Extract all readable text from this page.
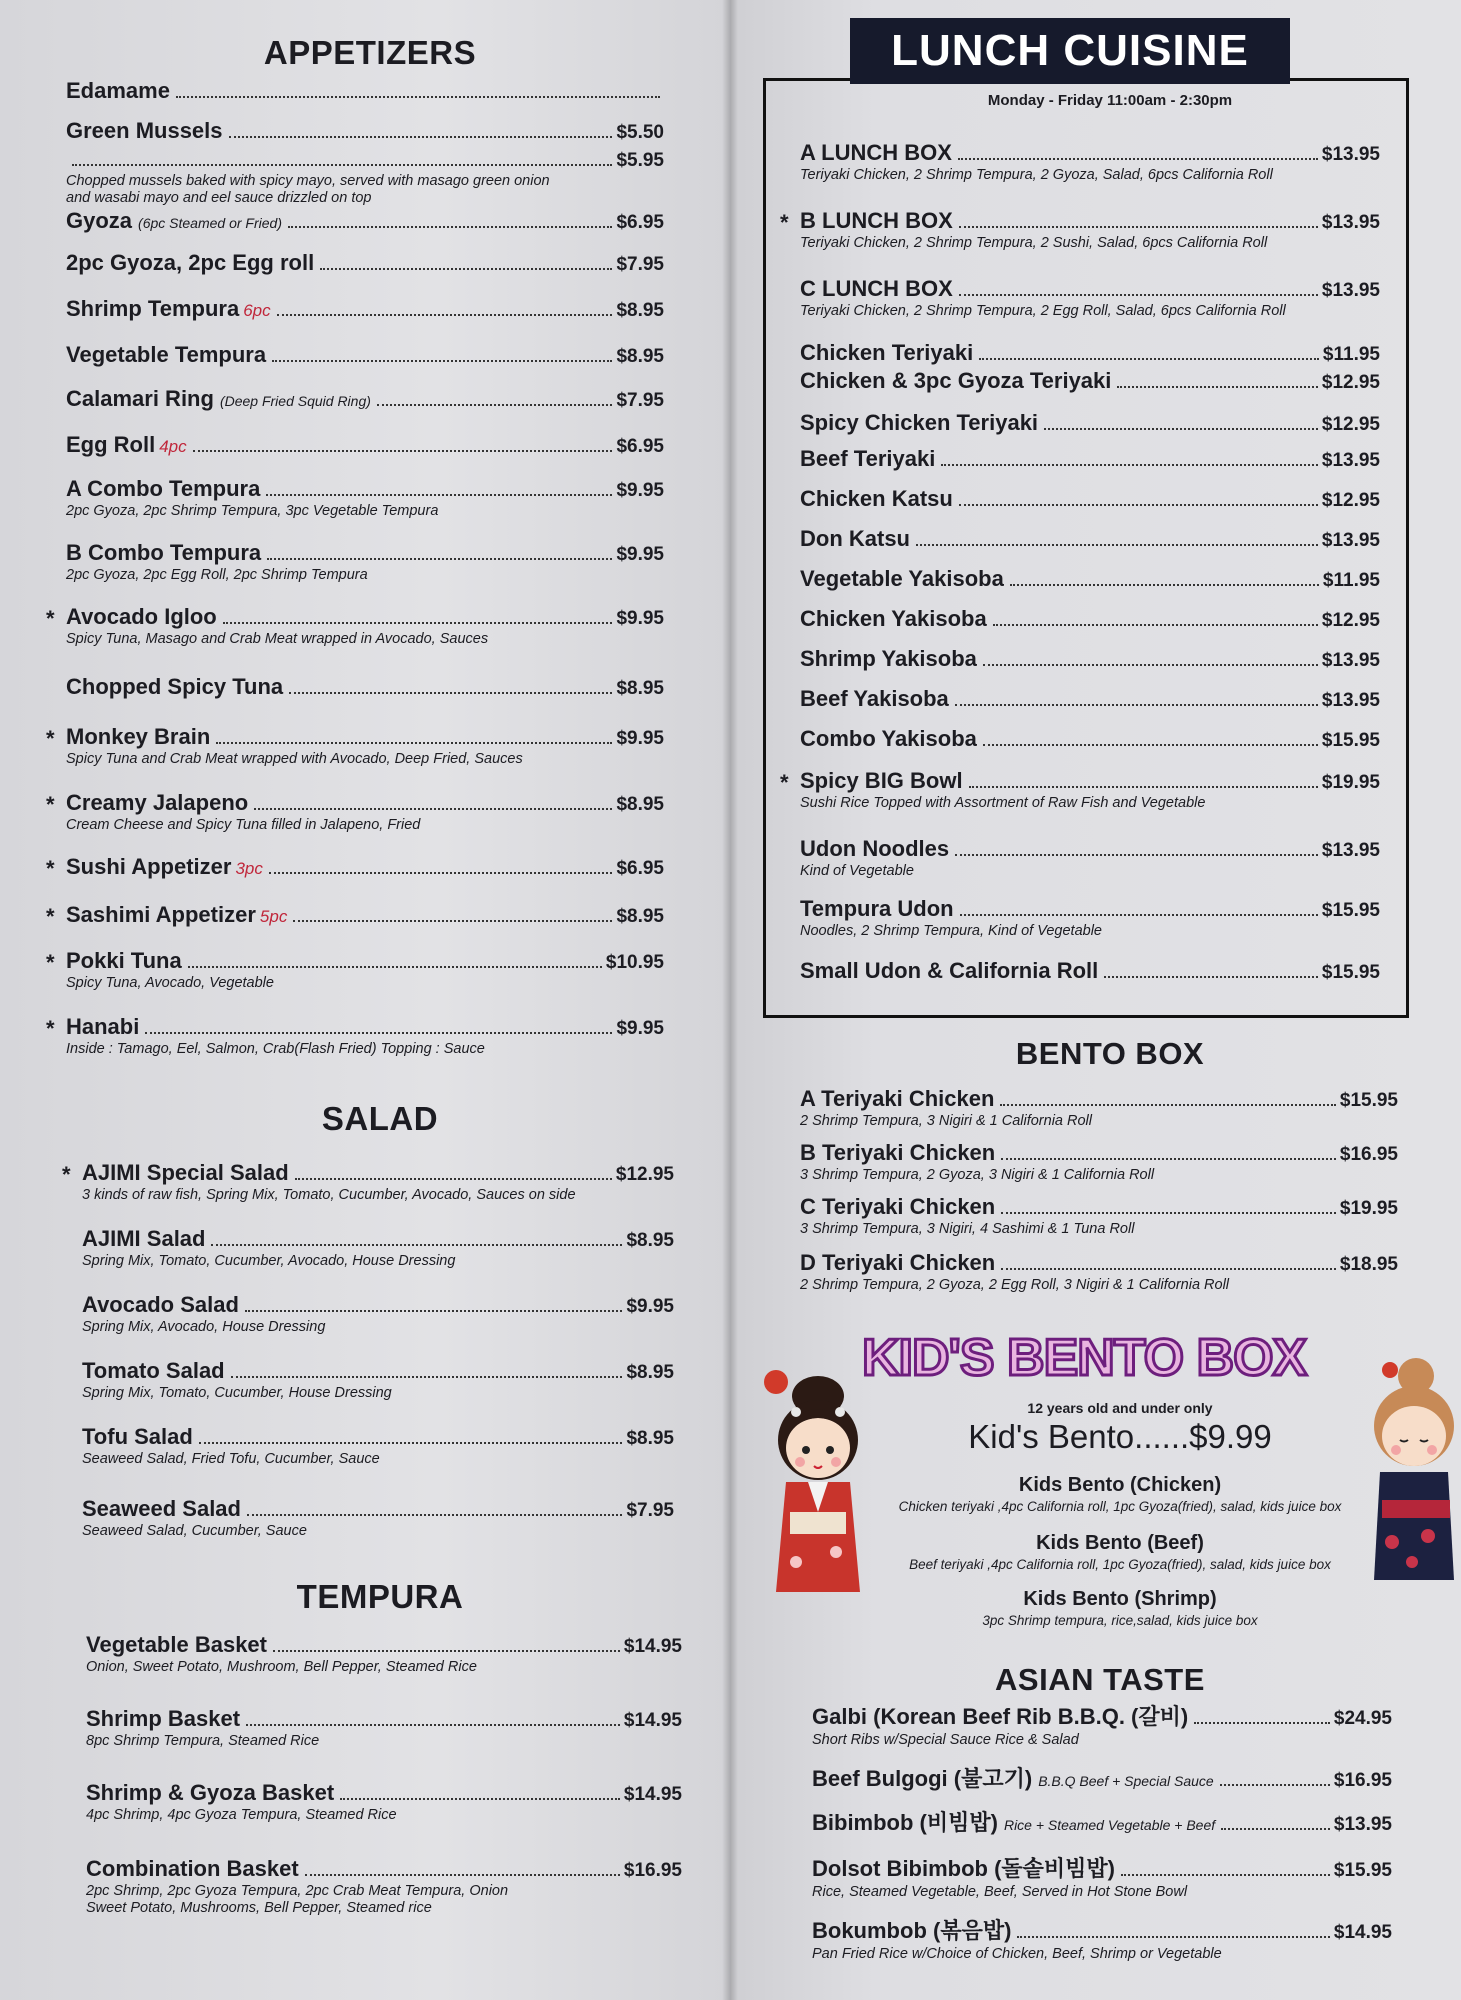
APPETIZERS
Edamame
Green Mussels	$5.50
$5.95
Chopped mussels baked with spicy mayo, served with masago green onion
and wasabi mayo and eel sauce drizzled on top
Gyoza (6pc Steamed or Fried)	$6.95
2pc Gyoza, 2pc Egg roll	$7.95
Shrimp Tempura 6pc	$8.95
Vegetable Tempura	$8.95
Calamari Ring (Deep Fried Squid Ring)	$7.95
Egg Roll 4pc	$6.95
A Combo Tempura	$9.95
2pc Gyoza, 2pc Shrimp Tempura, 3pc Vegetable Tempura
B Combo Tempura	$9.95
2pc Gyoza, 2pc Egg Roll, 2pc Shrimp Tempura
* Avocado Igloo	$9.95
Spicy Tuna, Masago and Crab Meat wrapped in Avocado, Sauces
Chopped Spicy Tuna	$8.95
* Monkey Brain	$9.95
Spicy Tuna and Crab Meat wrapped with Avocado, Deep Fried, Sauces
* Creamy Jalapeno	$8.95
Cream Cheese and Spicy Tuna filled in Jalapeno, Fried
* Sushi Appetizer 3pc	$6.95
* Sashimi Appetizer 5pc	$8.95
* Pokki Tuna	$10.95
Spicy Tuna, Avocado, Vegetable
* Hanabi	$9.95
Inside : Tamago, Eel, Salmon, Crab(Flash Fried) Topping : Sauce
SALAD
* AJIMI Special Salad	$12.95
3 kinds of raw fish, Spring Mix, Tomato, Cucumber, Avocado, Sauces on side
AJIMI Salad	$8.95
Spring Mix, Tomato, Cucumber, Avocado, House Dressing
Avocado Salad	$9.95
Spring Mix, Avocado, House Dressing
Tomato Salad	$8.95
Spring Mix, Tomato, Cucumber, House Dressing
Tofu Salad	$8.95
Seaweed Salad, Fried Tofu, Cucumber, Sauce
Seaweed Salad	$7.95
Seaweed Salad, Cucumber, Sauce
TEMPURA
Vegetable Basket	$14.95
Onion, Sweet Potato, Mushroom, Bell Pepper, Steamed Rice
Shrimp Basket	$14.95
8pc Shrimp Tempura, Steamed Rice
Shrimp & Gyoza Basket	$14.95
4pc Shrimp, 4pc Gyoza Tempura, Steamed Rice
Combination Basket	$16.95
2pc Shrimp, 2pc Gyoza Tempura, 2pc Crab Meat Tempura, Onion
Sweet Potato, Mushrooms, Bell Pepper, Steamed rice
LUNCH CUISINE
Monday - Friday 11:00am - 2:30pm
A LUNCH BOX	$13.95
Teriyaki Chicken, 2 Shrimp Tempura, 2 Gyoza, Salad, 6pcs California Roll
* B LUNCH BOX	$13.95
Teriyaki Chicken, 2 Shrimp Tempura, 2 Sushi, Salad, 6pcs California Roll
C LUNCH BOX	$13.95
Teriyaki Chicken, 2 Shrimp Tempura, 2 Egg Roll, Salad, 6pcs California Roll
Chicken Teriyaki	$11.95
Chicken & 3pc Gyoza Teriyaki	$12.95
Spicy Chicken Teriyaki	$12.95
Beef Teriyaki	$13.95
Chicken Katsu	$12.95
Don Katsu	$13.95
Vegetable Yakisoba	$11.95
Chicken Yakisoba	$12.95
Shrimp Yakisoba	$13.95
Beef Yakisoba	$13.95
Combo Yakisoba	$15.95
* Spicy BIG Bowl	$19.95
Sushi Rice Topped with Assortment of Raw Fish and Vegetable
Udon Noodles	$13.95
Kind of Vegetable
Tempura Udon	$15.95
Noodles, 2 Shrimp Tempura, Kind of Vegetable
Small Udon & California Roll	$15.95
BENTO BOX
A Teriyaki Chicken	$15.95
2 Shrimp Tempura, 3 Nigiri & 1 California Roll
B Teriyaki Chicken	$16.95
3 Shrimp Tempura, 2 Gyoza, 3 Nigiri & 1 California Roll
C Teriyaki Chicken	$19.95
3 Shrimp Tempura, 3 Nigiri, 4 Sashimi & 1 Tuna Roll
D Teriyaki Chicken	$18.95
2 Shrimp Tempura, 2 Gyoza, 2 Egg Roll, 3 Nigiri & 1 California Roll
KID'S BENTO BOX
12 years old and under only
Kid's Bento......$9.99
Kids Bento (Chicken)
Chicken teriyaki ,4pc California roll, 1pc Gyoza(fried), salad, kids juice box
Kids Bento (Beef)
Beef teriyaki ,4pc California roll, 1pc Gyoza(fried), salad, kids juice box
Kids Bento (Shrimp)
3pc Shrimp tempura, rice,salad, kids juice box
ASIAN TASTE
Galbi (Korean Beef Rib B.B.Q. (갈비)	$24.95
Short Ribs w/Special Sauce Rice & Salad
Beef Bulgogi (불고기) B.B.Q Beef + Special Sauce	$16.95
Bibimbob (비빔밥) Rice + Steamed Vegetable + Beef	$13.95
Dolsot Bibimbob (돌솥비빔밥)	$15.95
Rice, Steamed Vegetable, Beef, Served in Hot Stone Bowl
Bokumbob (볶음밥)	$14.95
Pan Fried Rice w/Choice of Chicken, Beef, Shrimp or Vegetable
